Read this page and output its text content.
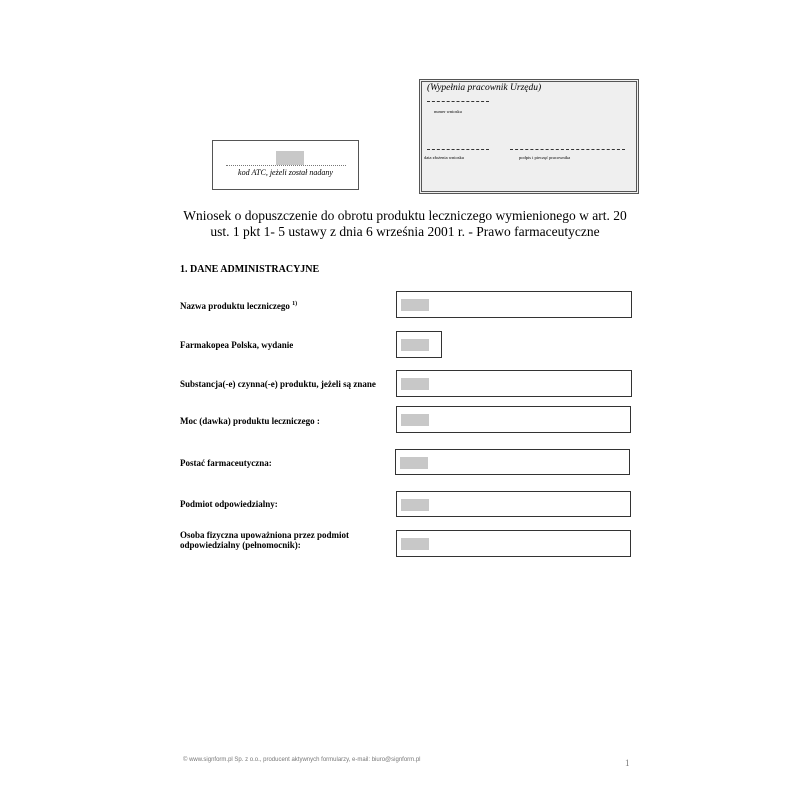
kod ATC, jeżeli został nadany
(Wypełnia pracownik Urzędu)
numer wniosku
data złożenia wniosku	podpis i pieczęć pracownika
Wniosek o dopuszczenie do obrotu produktu leczniczego wymienionego w art. 20 ust. 1 pkt 1- 5 ustawy z dnia 6 września 2001 r. - Prawo farmaceutyczne
1. DANE ADMINISTRACYJNE
Nazwa produktu leczniczego $^{1)}$
Farmakopea Polska, wydanie
Substancja(-e) czynna(-e) produktu, jeżeli są znane
Moc (dawka) produktu leczniczego :
Postać farmaceutyczna:
Podmiot odpowiedzialny:
Osoba fizyczna upoważniona przez podmiot odpowiedzialny (pełnomocnik):
© www.signform.pl Sp. z o.o., producent aktywnych formularzy, e-mail: biuro@signform.pl	1
